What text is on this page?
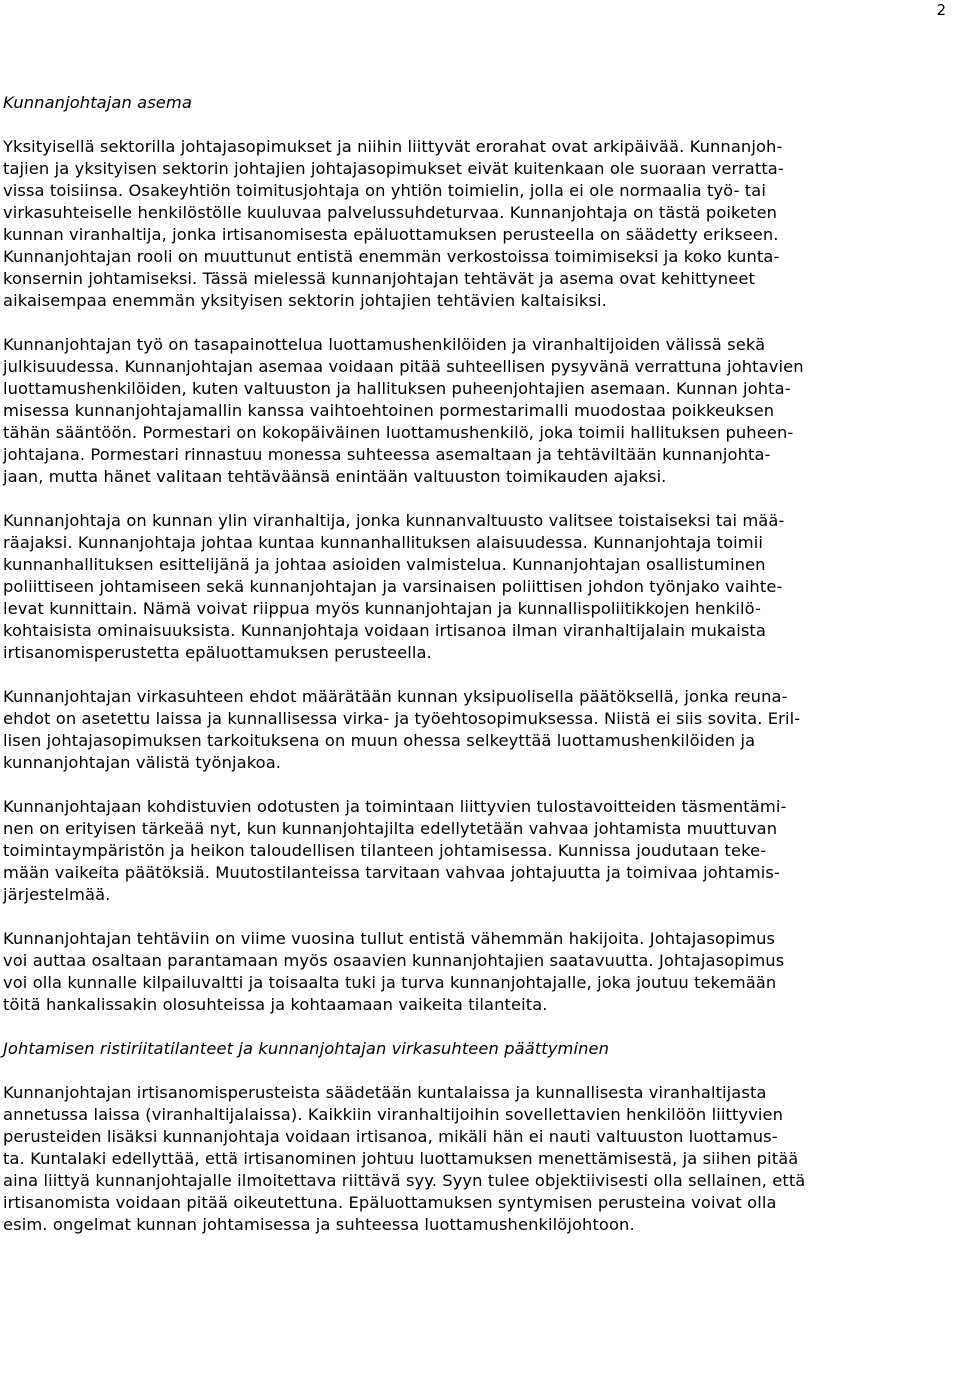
2
Kunnanjohtajan asema

Yksityisellä sektorilla johtajasopimukset ja niihin liittyvät erorahat ovat arkipäivää. Kunnanjoh-
tajien ja yksityisen sektorin johtajien johtajasopimukset eivät kuitenkaan ole suoraan verratta-
vissa toisiinsa. Osakeyhtiön toimitusjohtaja on yhtiön toimielin, jolla ei ole normaalia työ- tai
virkasuhteiselle henkilöstölle kuuluvaa palvelussuhdeturvaa. Kunnanjohtaja on tästä poiketen
kunnan viranhaltija, jonka irtisanomisesta epäluottamuksen perusteella on säädetty erikseen.
Kunnanjohtajan rooli on muuttunut entistä enemmän verkostoissa toimimiseksi ja koko kunta-
konsernin johtamiseksi. Tässä mielessä kunnanjohtajan tehtävät ja asema ovat kehittyneet
aikaisempaa enemmän yksityisen sektorin johtajien tehtävien kaltaisiksi.

Kunnanjohtajan työ on tasapainottelua luottamushenkilöiden ja viranhaltijoiden välissä sekä
julkisuudessa. Kunnanjohtajan asemaa voidaan pitää suhteellisen pysyvänä verrattuna johtavien
luottamushenkilöiden, kuten valtuuston ja hallituksen puheenjohtajien asemaan. Kunnan johta-
misessa kunnanjohtajamallin kanssa vaihtoehtoinen pormestarimalli muodostaa poikkeuksen
tähän sääntöön. Pormestari on kokopäiväinen luottamushenkilö, joka toimii hallituksen puheen-
johtajana. Pormestari rinnastuu monessa suhteessa asemaltaan ja tehtäviltään kunnanjohta-
jaan, mutta hänet valitaan tehtäväänsä enintään valtuuston toimikauden ajaksi.

Kunnanjohtaja on kunnan ylin viranhaltija, jonka kunnanvaltuusto valitsee toistaiseksi tai mää-
räajaksi. Kunnanjohtaja johtaa kuntaa kunnanhallituksen alaisuudessa. Kunnanjohtaja toimii
kunnanhallituksen esittelijänä ja johtaa asioiden valmistelua. Kunnanjohtajan osallistuminen
poliittiseen johtamiseen sekä kunnanjohtajan ja varsinaisen poliittisen johdon työnjako vaihte-
levat kunnittain. Nämä voivat riippua myös kunnanjohtajan ja kunnallispoliitikkojen henkilö-
kohtaisista ominaisuuksista. Kunnanjohtaja voidaan irtisanoa ilman viranhaltijalain mukaista
irtisanomisperustetta epäluottamuksen perusteella.

Kunnanjohtajan virkasuhteen ehdot määrätään kunnan yksipuolisella päätöksellä, jonka reuna-
ehdot on asetettu laissa ja kunnallisessa virka- ja työehtosopimuksessa. Niistä ei siis sovita. Eril-
lisen johtajasopimuksen tarkoituksena on muun ohessa selkeyttää luottamushenkilöiden ja
kunnanjohtajan välistä työnjakoa.

Kunnanjohtajaan kohdistuvien odotusten ja toimintaan liittyvien tulostavoitteiden täsmentämi-
nen on erityisen tärkeää nyt, kun kunnanjohtajilta edellytetään vahvaa johtamista muuttuvan
toimintaympäristön ja heikon taloudellisen tilanteen johtamisessa. Kunnissa joudutaan teke-
mään vaikeita päätöksiä. Muutostilanteissa tarvitaan vahvaa johtajuutta ja toimivaa johtamis-
järjestelmää.

Kunnanjohtajan tehtäviin on viime vuosina tullut entistä vähemmän hakijoita. Johtajasopimus
voi auttaa osaltaan parantamaan myös osaavien kunnanjohtajien saatavuutta. Johtajasopimus
voi olla kunnalle kilpailuvaltti ja toisaalta tuki ja turva kunnanjohtajalle, joka joutuu tekemään
töitä hankalissakin olosuhteissa ja kohtaamaan vaikeita tilanteita.

Johtamisen ristiriitatilanteet ja kunnanjohtajan virkasuhteen päättyminen

Kunnanjohtajan irtisanomisperusteista säädetään kuntalaissa ja kunnallisesta viranhaltijasta
annetussa laissa (viranhaltijalaissa). Kaikkiin viranhaltijoihin sovellettavien henkilöön liittyvien
perusteiden lisäksi kunnanjohtaja voidaan irtisanoa, mikäli hän ei nauti valtuuston luottamus-
ta. Kuntalaki edellyttää, että irtisanominen johtuu luottamuksen menettämisestä, ja siihen pitää
aina liittyä kunnanjohtajalle ilmoitettava riittävä syy. Syyn tulee objektiivisesti olla sellainen, että
irtisanomista voidaan pitää oikeutettuna. Epäluottamuksen syntymisen perusteina voivat olla
esim. ongelmat kunnan johtamisessa ja suhteessa luottamushenkilöjohtoon.
